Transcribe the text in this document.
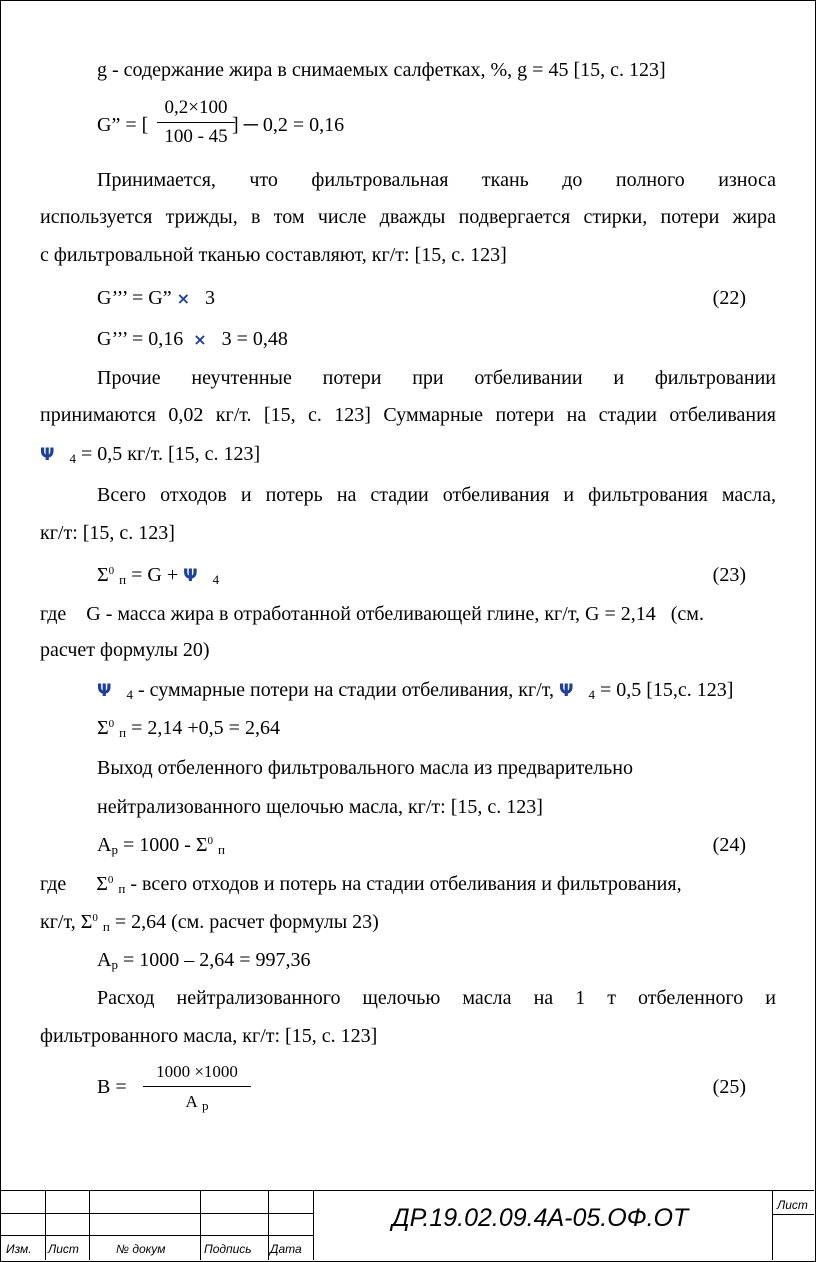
g - содержание жира в снимаемых салфетках, %, g = 45 [15, с. 123]
G” = [
0,2×100
100 - 45
] ─ 0,2 = 0,16
Принимается, что фильтровальная ткань до полного износа
используется трижды, в том числе дважды подвергается стирки, потери жира
с фильтровальной тканью составляют, кг/т: [15, с. 123]
G’’’ = G” × 3	(22)
G’’’ = 0,16 × 3 = 0,48
Прочие неучтенные потери при отбеливании и фильтровании
принимаются 0,02 кг/т. [15, с. 123] Суммарные потери на стадии отбеливания
Ψ 4 = 0,5 кг/т. [15, с. 123]
Всего отходов и потерь на стадии отбеливания и фильтрования масла,
кг/т: [15, с. 123]
$\Sigma^0$ п = G + Ψ 4	(23)
где    G - масса жира в отработанной отбеливающей глине, кг/т, G = 2,14   (см.
расчет формулы 20)
Ψ 4 - суммарные потери на стадии отбеливания, кг/т, Ψ 4 = 0,5 [15,с. 123]
$\Sigma^0$ п = 2,14 +0,5 = 2,64
Выход отбеленного фильтровального масла из предварительно
нейтрализованного щелочью масла, кг/т: [15, с. 123]
Ар = $1000 - \Sigma^0$ п	(24)
где $\Sigma^0$ п - всего отходов и потерь на стадии отбеливания и фильтрования,
кг/т, $\Sigma^0$ п = 2,64 (см. расчет формулы 23)
Ар = 1000 – 2,64 = 997,36
Расход нейтрализованного щелочью масла на 1 т отбеленного и
фильтрованного масла, кг/т: [15, с. 123]
В =
1000 ×1000
А р
(25)
Изм. Лист	№ докум	Подпись Дата
ДР.19.02.09.4А-05.ОФ.ОТ	Лист
